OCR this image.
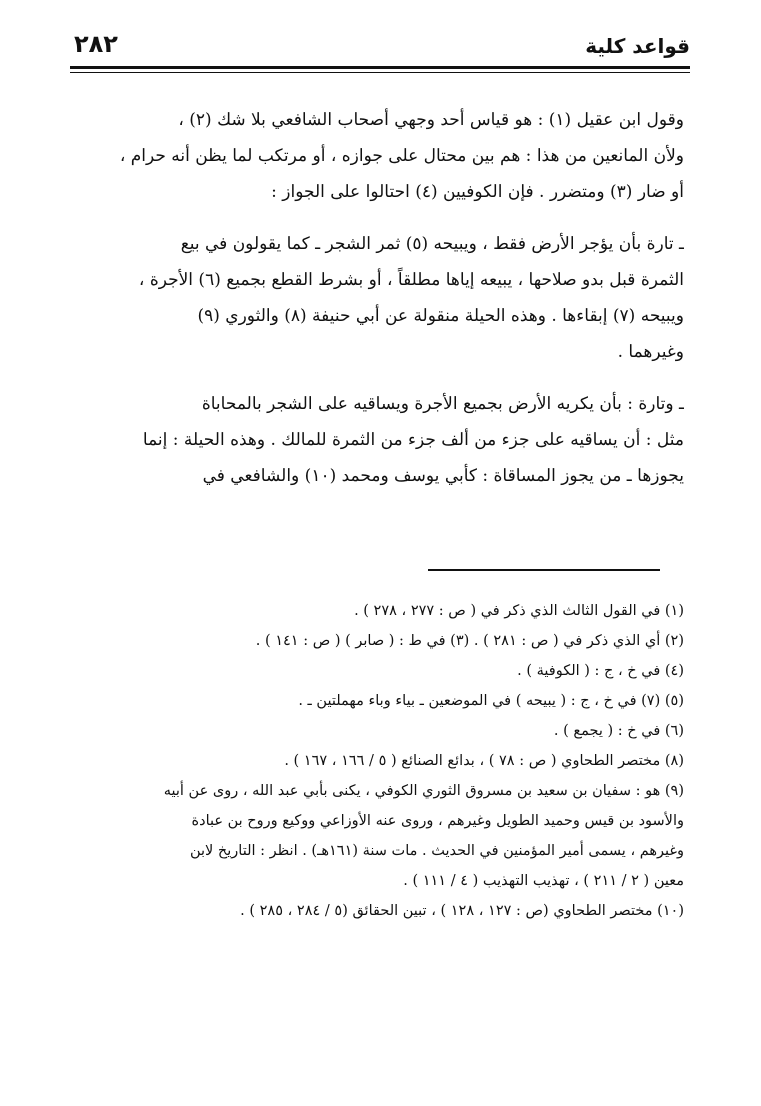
قواعد كلية
٢٨٢

وقول ابن عقيل (١) : هو قياس أحد وجهي أصحاب الشافعي بلا شك (٢) ،
ولأن المانعين من هذا : هم بين محتال على جوازه ، أو مرتكب لما يظن أنه حرام ،
أو ضار (٣) ومتضرر . فإن الكوفيين (٤) احتالوا على الجواز :

ـ تارة بأن يؤجر الأرض فقط ، ويبيحه (٥) ثمر الشجر ـ كما يقولون في بيع
الثمرة قبل بدو صلاحها ، يبيعه إياها مطلقاً ، أو بشرط القطع بجميع (٦) الأجرة ،
ويبيحه (٧) إبقاءها . وهذه الحيلة منقولة عن أبي حنيفة (٨) والثوري (٩)
وغيرهما .

ـ وتارة : بأن يكريه الأرض بجميع الأجرة ويساقيه على الشجر بالمحاباة
مثل : أن يساقيه على جزء من ألف جزء من الثمرة للمالك . وهذه الحيلة : إنما
يجوزها ـ من يجوز المساقاة : كأبي يوسف ومحمد (١٠) والشافعي في

(١) في القول الثالث الذي ذكر في ( ص : ٢٧٧ ، ٢٧٨ ) .
(٢) أي الذي ذكر في ( ص : ٢٨١ ) . (٣) في ط : ( صابر ) ( ص : ١٤١ ) .
(٤) في خ ، ج : ( الكوفية ) .
(٥) (٧) في خ ، ج : ( يبيحه ) في الموضعين ـ بياء وباء مهملتين ـ .
(٦) في خ : ( يجمع ) .
(٨) مختصر الطحاوي ( ص : ٧٨ ) ، بدائع الصنائع ( ٥ / ١٦٦ ، ١٦٧ ) .
(٩) هو : سفيان بن سعيد بن مسروق الثوري الكوفي ، يكنى بأبي عبد الله ، روى عن أبيه
والأسود بن قيس وحميد الطويل وغيرهم ، وروى عنه الأوزاعي ووكيع وروح بن عبادة
وغيرهم ، يسمى أمير المؤمنين في الحديث . مات سنة (١٦١هـ) . انظر : التاريخ لابن
معين ( ٢ / ٢١١ ) ، تهذيب التهذيب ( ٤ / ١١١ ) .
(١٠) مختصر الطحاوي (ص : ١٢٧ ، ١٢٨ ) ، تبين الحقائق (٥ / ٢٨٤ ، ٢٨٥ ) .
